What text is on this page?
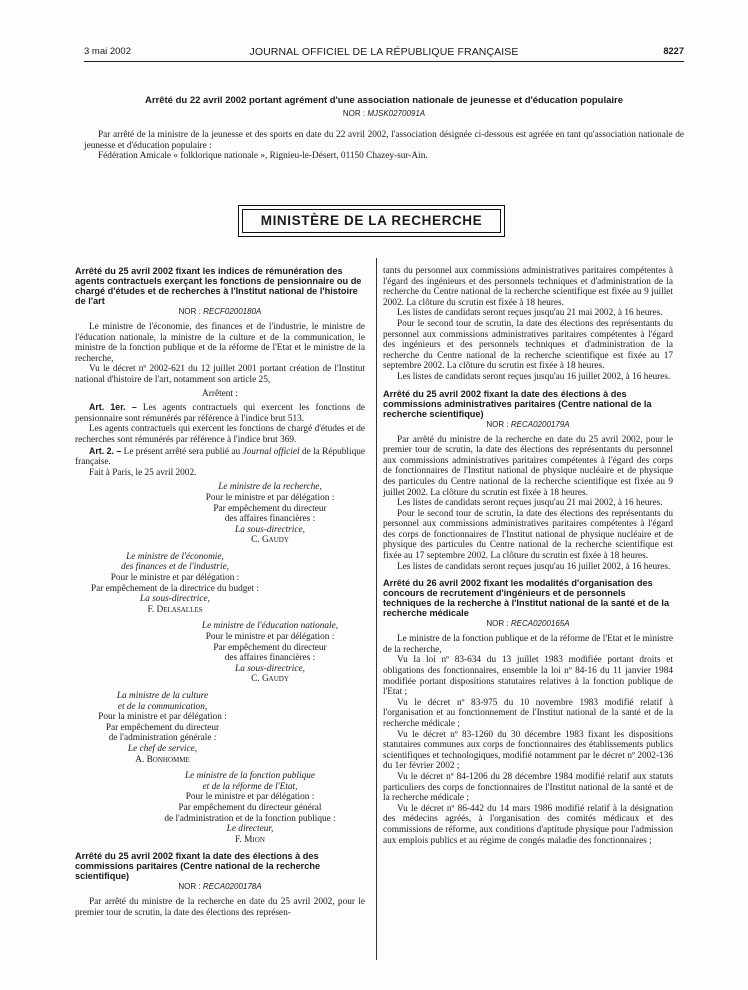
3 mai 2002	JOURNAL OFFICIEL DE LA RÉPUBLIQUE FRANÇAISE	8227
Arrêté du 22 avril 2002 portant agrément d'une association nationale de jeunesse et d'éducation populaire
NOR : MJSK0270091A

Par arrêté de la ministre de la jeunesse et des sports en date du 22 avril 2002, l'association désignée ci-dessous est agréée en tant qu'association nationale de jeunesse et d'éducation populaire :

Fédération Amicale « folklorique nationale », Rignieu-le-Désert, 01150 Chazey-sur-Ain.

MINISTÈRE DE LA RECHERCHE

Arrêté du 25 avril 2002 fixant les indices de rémunération des agents contractuels exerçant les fonctions de pensionnaire ou de chargé d'études et de recherches à l'Institut national de l'histoire de l'art

NOR : RECF0200180A

Le ministre de l'économie, des finances et de l'industrie, le ministre de l'éducation nationale, la ministre de la culture et de la communication, le ministre de la fonction publique et de la réforme de l'Etat et le ministre de la recherche,

Vu le décret nº 2002-621 du 12 juillet 2001 portant création de l'Institut national d'histoire de l'art, notamment son article 25,

Arrêtent :

Art. 1er. – Les agents contractuels qui exercent les fonctions de pensionnaire sont rémunérés par référence à l'indice brut 513.

Les agents contractuels qui exercent les fonctions de chargé d'études et de recherches sont rémunérés par référence à l'indice brut 369.

Art. 2. – Le présent arrêté sera publié au Journal officiel de la République française.

Fait à Paris, le 25 avril 2002.

Le ministre de la recherche,

Pour le ministre et par délégation :

Par empêchement du directeur

des affaires financières :

La sous-directrice,

C. Gaudy

Le ministre de l'économie,

des finances et de l'industrie,

Pour le ministre et par délégation :

Par empêchement de la directrice du budget :

La sous-directrice,

F. Delasalles

Le ministre de l'éducation nationale,

Pour le ministre et par délégation :

Par empêchement du directeur

des affaires financières :

La sous-directrice,

C. Gaudy

La ministre de la culture

et de la communication,

Pour la ministre et par délégation :

Par empêchement du directeur

de l'administration générale :

Le chef de service,

A. Bonhomme

Le ministre de la fonction publique

et de la réforme de l'Etat,

Pour le ministre et par délégation :

Par empêchement du directeur général

de l'administration et de la fonction publique :

Le directeur,

F. Mion

Arrêté du 25 avril 2002 fixant la date des élections à des commissions paritaires (Centre national de la recherche scientifique)

NOR : RECA0200178A

Par arrêté du ministre de la recherche en date du 25 avril 2002, pour le premier tour de scrutin, la date des élections des représen-

tants du personnel aux commissions administratives paritaires compétentes à l'égard des ingénieurs et des personnels techniques et d'administration de la recherche du Centre national de la recherche scientifique est fixée au 9 juillet 2002. La clôture du scrutin est fixée à 18 heures.

Les listes de candidats seront reçues jusqu'au 21 mai 2002, à 16 heures.

Pour le second tour de scrutin, la date des élections des représentants du personnel aux commissions administratives paritaires compétentes à l'égard des ingénieurs et des personnels techniques et d'administration de la recherche du Centre national de la recherche scientifique est fixée au 17 septembre 2002. La clôture du scrutin est fixée à 18 heures.

Les listes de candidats seront reçues jusqu'au 16 juillet 2002, à 16 heures.

Arrêté du 25 avril 2002 fixant la date des élections à des commissions administratives paritaires (Centre national de la recherche scientifique)

NOR : RECA0200179A

Par arrêté du ministre de la recherche en date du 25 avril 2002, pour le premier tour de scrutin, la date des élections des représentants du personnel aux commissions administratives paritaires compétentes à l'égard des corps de fonctionnaires de l'Institut national de physique nucléaire et de physique des particules du Centre national de la recherche scientifique est fixée au 9 juillet 2002. La clôture du scrutin est fixée à 18 heures.

Les listes de candidats seront reçues jusqu'au 21 mai 2002, à 16 heures.

Pour le second tour de scrutin, la date des élections des représentants du personnel aux commissions administratives paritaires compétentes à l'égard des corps de fonctionnaires de l'Institut national de physique nucléaire et de physique des particules du Centre national de la recherche scientifique est fixée au 17 septembre 2002. La clôture du scrutin est fixée à 18 heures.

Les listes de candidats seront reçues jusqu'au 16 juillet 2002, à 16 heures.

Arrêté du 26 avril 2002 fixant les modalités d'organisation des concours de recrutement d'ingénieurs et de personnels techniques de la recherche à l'Institut national de la santé et de la recherche médicale

NOR : RECA0200165A

Le ministre de la fonction publique et de la réforme de l'Etat et le ministre de la recherche,

Vu la loi nº 83-634 du 13 juillet 1983 modifiée portant droits et obligations des fonctionnaires, ensemble la loi nº 84-16 du 11 janvier 1984 modifiée portant dispositions statutaires relatives à la fonction publique de l'Etat ;

Vu le décret nº 83-975 du 10 novembre 1983 modifié relatif à l'organisation et au fonctionnement de l'Institut national de la santé et de la recherche médicale ;

Vu le décret nº 83-1260 du 30 décembre 1983 fixant les dispositions statutaires communes aux corps de fonctionnaires des établissements publics scientifiques et technologiques, modifié notamment par le décret nº 2002-136 du 1er février 2002 ;

Vu le décret nº 84-1206 du 28 décembre 1984 modifié relatif aux statuts particuliers des corps de fonctionnaires de l'Institut national de la santé et de la recherche médicale ;

Vu le décret nº 86-442 du 14 mars 1986 modifié relatif à la désignation des médecins agréés, à l'organisation des comités médicaux et des commissions de réforme, aux conditions d'aptitude physique pour l'admission aux emplois publics et au régime de congés maladie des fonctionnaires ;
